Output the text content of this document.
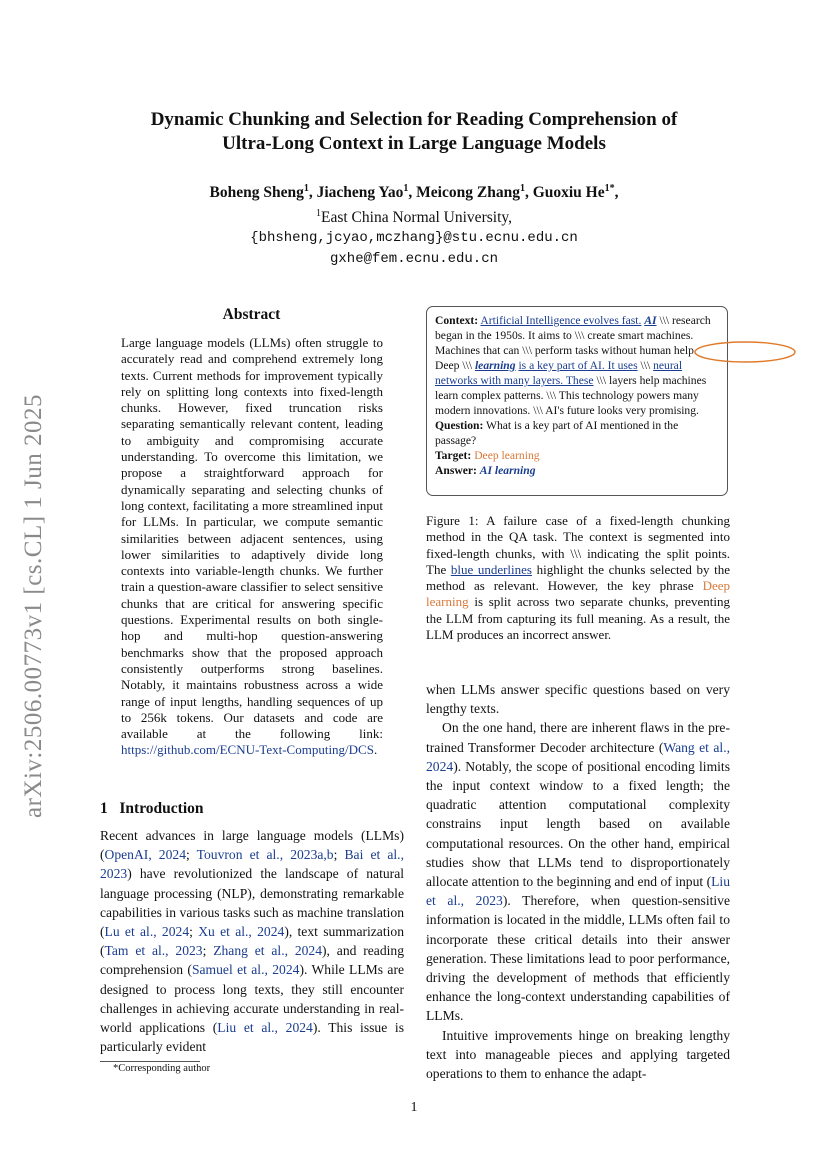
arXiv:2506.00773v1 [cs.CL] 1 Jun 2025
Dynamic Chunking and Selection for Reading Comprehension of
Ultra-Long Context in Large Language Models
Boheng Sheng$^1$, Jiacheng Yao$^1$, Meicong Zhang$^1$, Guoxiu $He^{1*}$,
$^1$East China Normal University,
{bhsheng,jcyao,mczhang}@stu.ecnu.edu.cn
gxhe@fem.ecnu.edu.cn
Abstract
Large language models (LLMs) often struggle to accurately read and comprehend extremely long texts. Current methods for improvement typically rely on splitting long contexts into fixed-length chunks. However, fixed truncation risks separating semantically relevant content, leading to ambiguity and compromising accurate understanding. To overcome this limitation, we propose a straightforward approach for dynamically separating and selecting chunks of long context, facilitating a more streamlined input for LLMs. In particular, we compute semantic similarities between adjacent sentences, using lower similarities to adaptively divide long contexts into variable-length chunks. We further train a question-aware classifier to select sensitive chunks that are critical for answering specific questions. Experimental results on both single-hop and multi-hop question-answering benchmarks show that the proposed approach consistently outperforms strong baselines. Notably, it maintains robustness across a wide range of input lengths, handling sequences of up to 256k tokens. Our datasets and code are available at the following link: https://github.com/ECNU-Text-Computing/DCS.
1 Introduction
Recent advances in large language models (LLMs) (OpenAI, 2024; Touvron et al., 2023a,b; Bai et al., 2023) have revolutionized the landscape of natural language processing (NLP), demonstrating remarkable capabilities in various tasks such as machine translation (Lu et al., 2024; Xu et al., 2024), text summarization (Tam et al., 2023; Zhang et al., 2024), and reading comprehension (Samuel et al., 2024). While LLMs are designed to process long texts, they still encounter challenges in achieving accurate understanding in real-world applications (Liu et al., 2024). This issue is particularly evident
*Corresponding author
Context: Artificial Intelligence evolves fast. AI \\\ research began in the 1950s. It aims to \\\ create smart machines. Machines that can \\\ perform tasks without human help.
Deep \\\ learning is a key part of AI. It uses \\\ neural networks with many layers. These \\\ layers help machines learn complex patterns. \\\ This technology powers many modern innovations. \\\ AI's future looks very promising.
Question: What is a key part of AI mentioned in the passage?
Target: Deep learning
Answer: AI learning
Figure 1: A failure case of a fixed-length chunking method in the QA task. The context is segmented into fixed-length chunks, with \\\ indicating the split points. The blue underlines highlight the chunks selected by the method as relevant. However, the key phrase Deep learning is split across two separate chunks, preventing the LLM from capturing its full meaning. As a result, the LLM produces an incorrect answer.

when LLMs answer specific questions based on very lengthy texts.

On the one hand, there are inherent flaws in the pre-trained Transformer Decoder architecture (Wang et al., 2024). Notably, the scope of positional encoding limits the input context window to a fixed length; the quadratic attention computational complexity constrains input length based on available computational resources. On the other hand, empirical studies show that LLMs tend to disproportionately allocate attention to the beginning and end of input (Liu et al., 2023). Therefore, when question-sensitive information is located in the middle, LLMs often fail to incorporate these critical details into their answer generation. These limitations lead to poor performance, driving the development of methods that efficiently enhance the long-context understanding capabilities of LLMs.

Intuitive improvements hinge on breaking lengthy text into manageable pieces and applying targeted operations to them to enhance the adapt-

1
